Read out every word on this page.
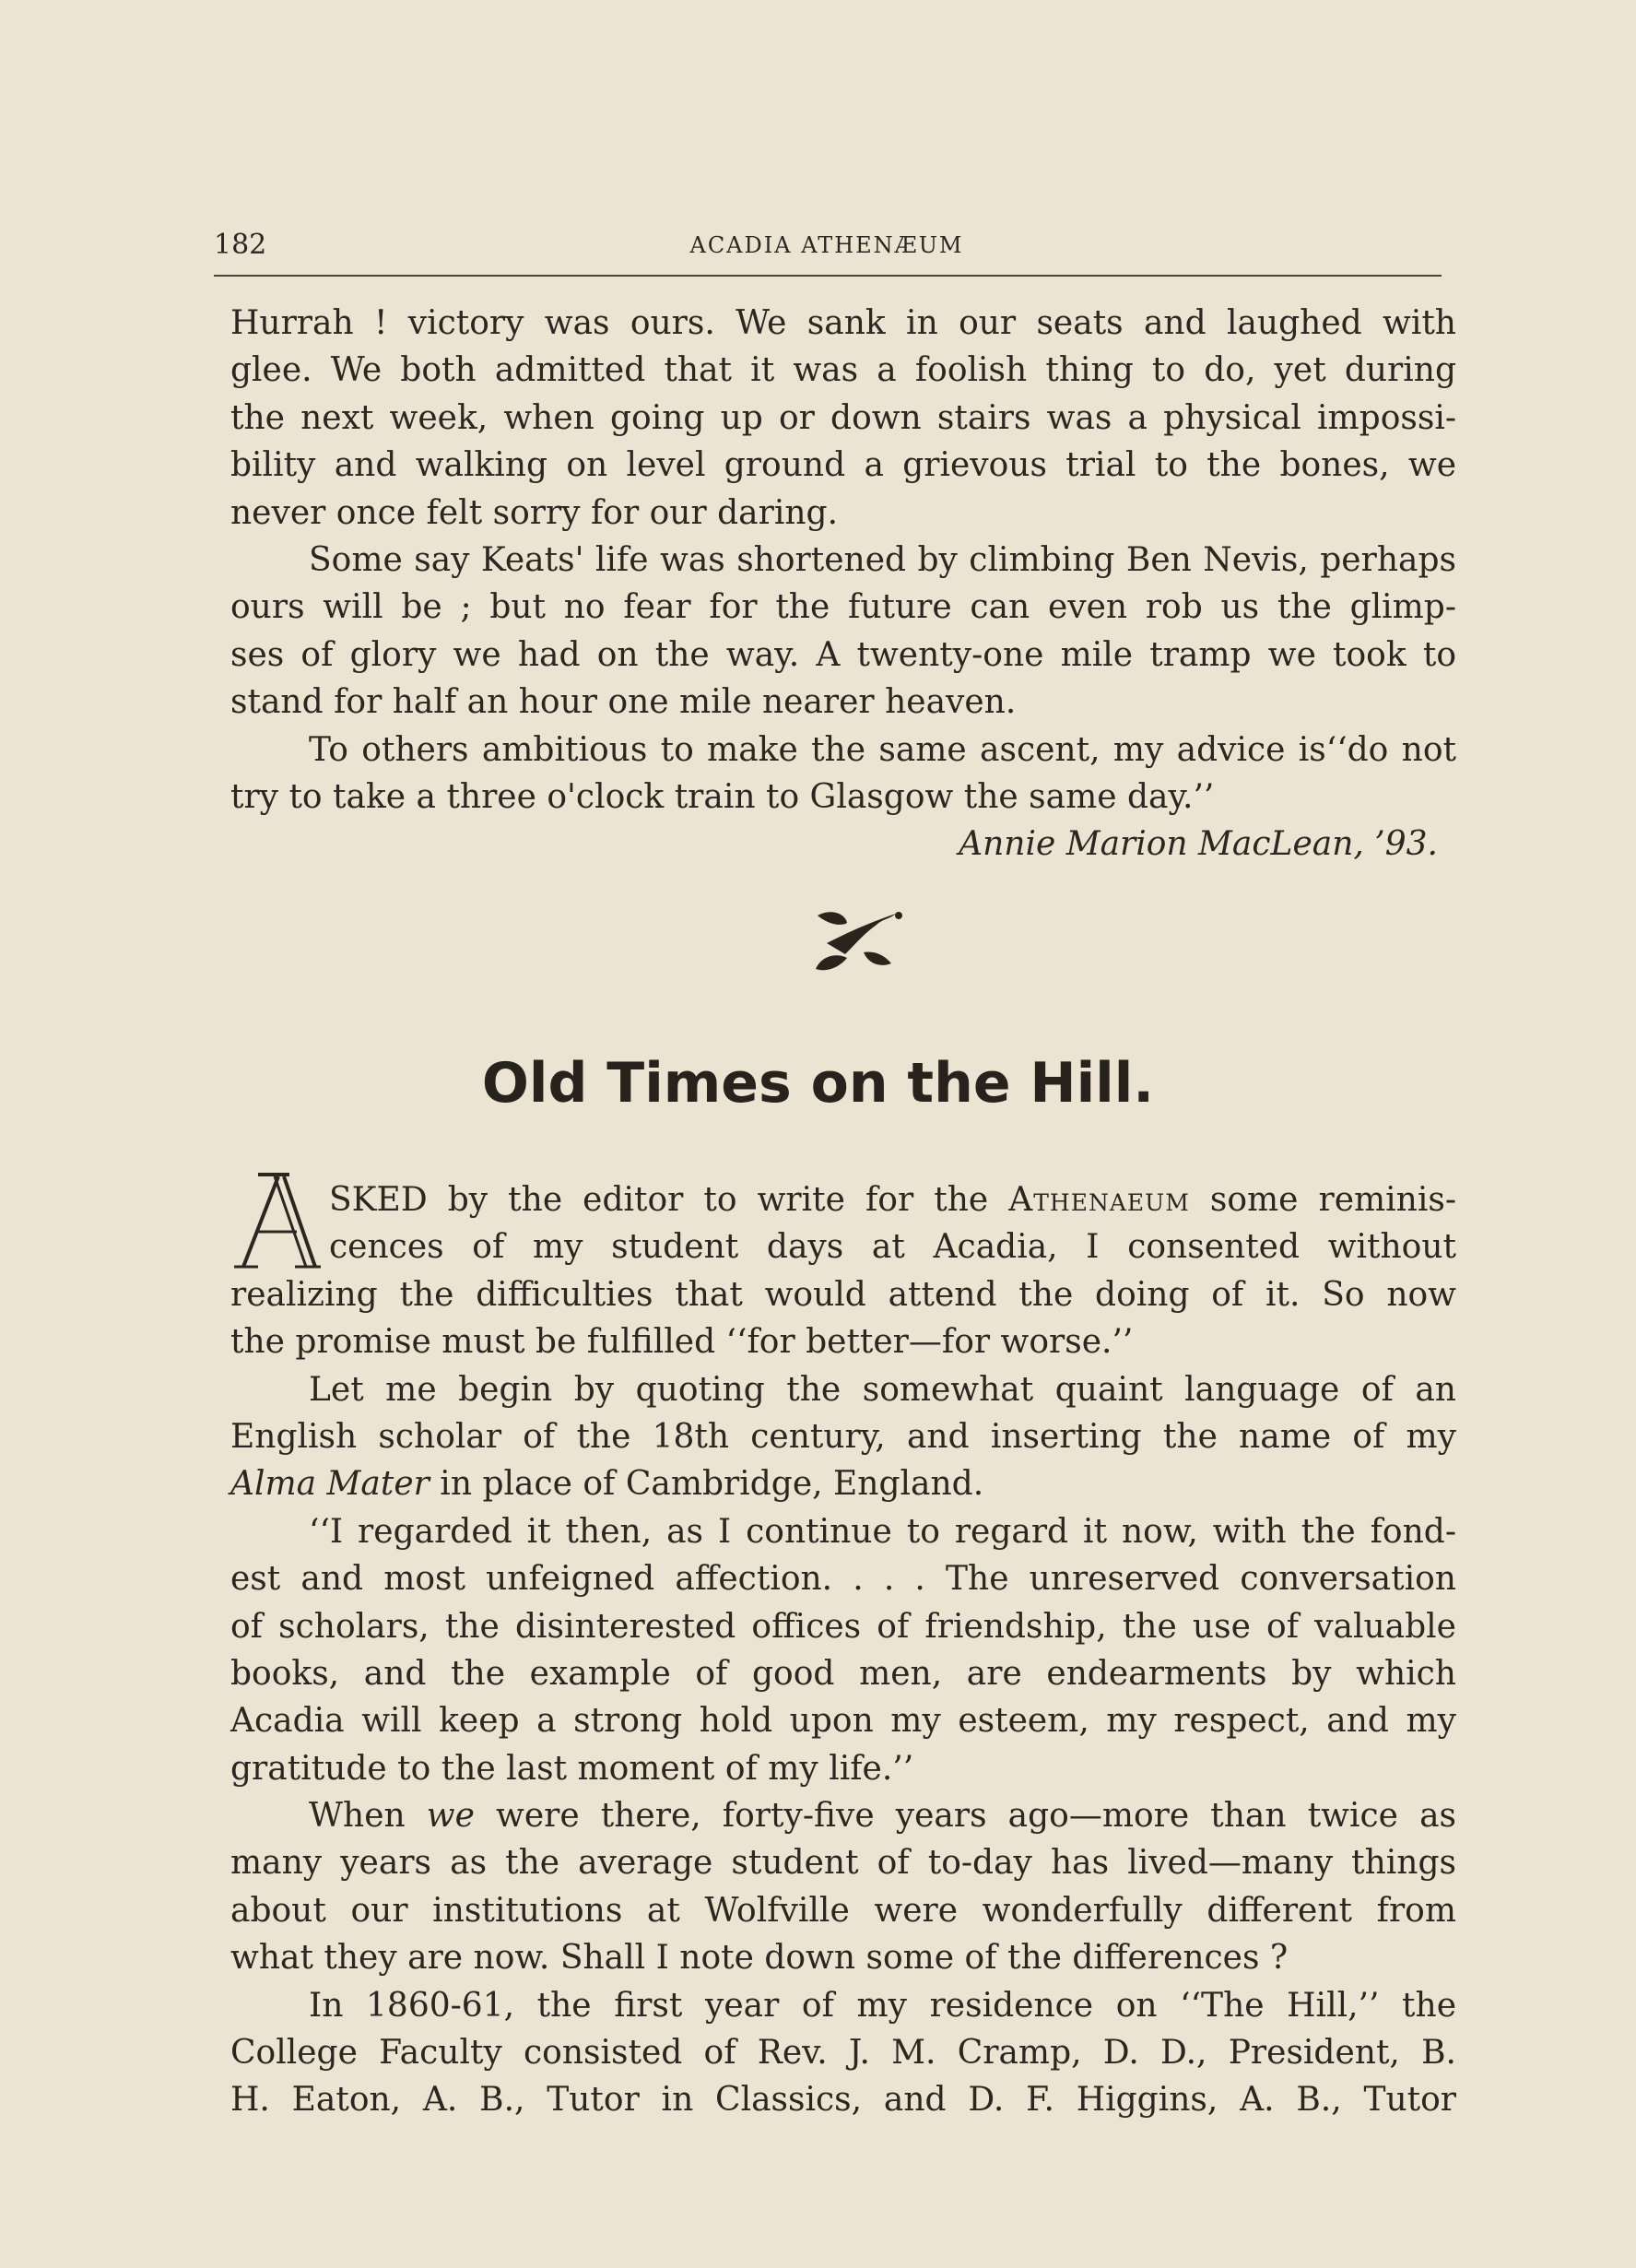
182	ACADIA ATHENÆUM
Hurrah ! victory was ours. We sank in our seats and laughed with
glee. We both admitted that it was a foolish thing to do, yet during
the next week, when going up or down stairs was a physical impossi-
bility and walking on level ground a grievous trial to the bones, we
never once felt sorry for our daring.
Some say Keats' life was shortened by climbing Ben Nevis, perhaps
ours will be ; but no fear for the future can even rob us the glimp-
ses of glory we had on the way. A twenty-one mile tramp we took to
stand for half an hour one mile nearer heaven.
To others ambitious to make the same ascent, my advice is‘‘do not
try to take a three o'clock train to Glasgow the same day.’’
Annie Marion MacLean, ’93.
Old Times on the Hill.
SKED by the editor to write for the Athenaeum some reminis-
cences of my student days at Acadia, I consented without
realizing the difficulties that would attend the doing of it. So now
the promise must be fulfilled ‘‘for better—for worse.’’
Let me begin by quoting the somewhat quaint language of an
English scholar of the 18th century, and inserting the name of my
Alma Mater in place of Cambridge, England.
‘‘I regarded it then, as I continue to regard it now, with the fond-
est and most unfeigned affection. . . . The unreserved conversation
of scholars, the disinterested offices of friendship, the use of valuable
books, and the example of good men, are endearments by which
Acadia will keep a strong hold upon my esteem, my respect, and my
gratitude to the last moment of my life.’’
When we were there, forty-five years ago—more than twice as
many years as the average student of to-day has lived—many things
about our institutions at Wolfville were wonderfully different from
what they are now. Shall I note down some of the differences ?
In 1860-61, the first year of my residence on ‘‘The Hill,’’ the
College Faculty consisted of Rev. J. M. Cramp, D. D., President, B.
H. Eaton, A. B., Tutor in Classics, and D. F. Higgins, A. B., Tutor
